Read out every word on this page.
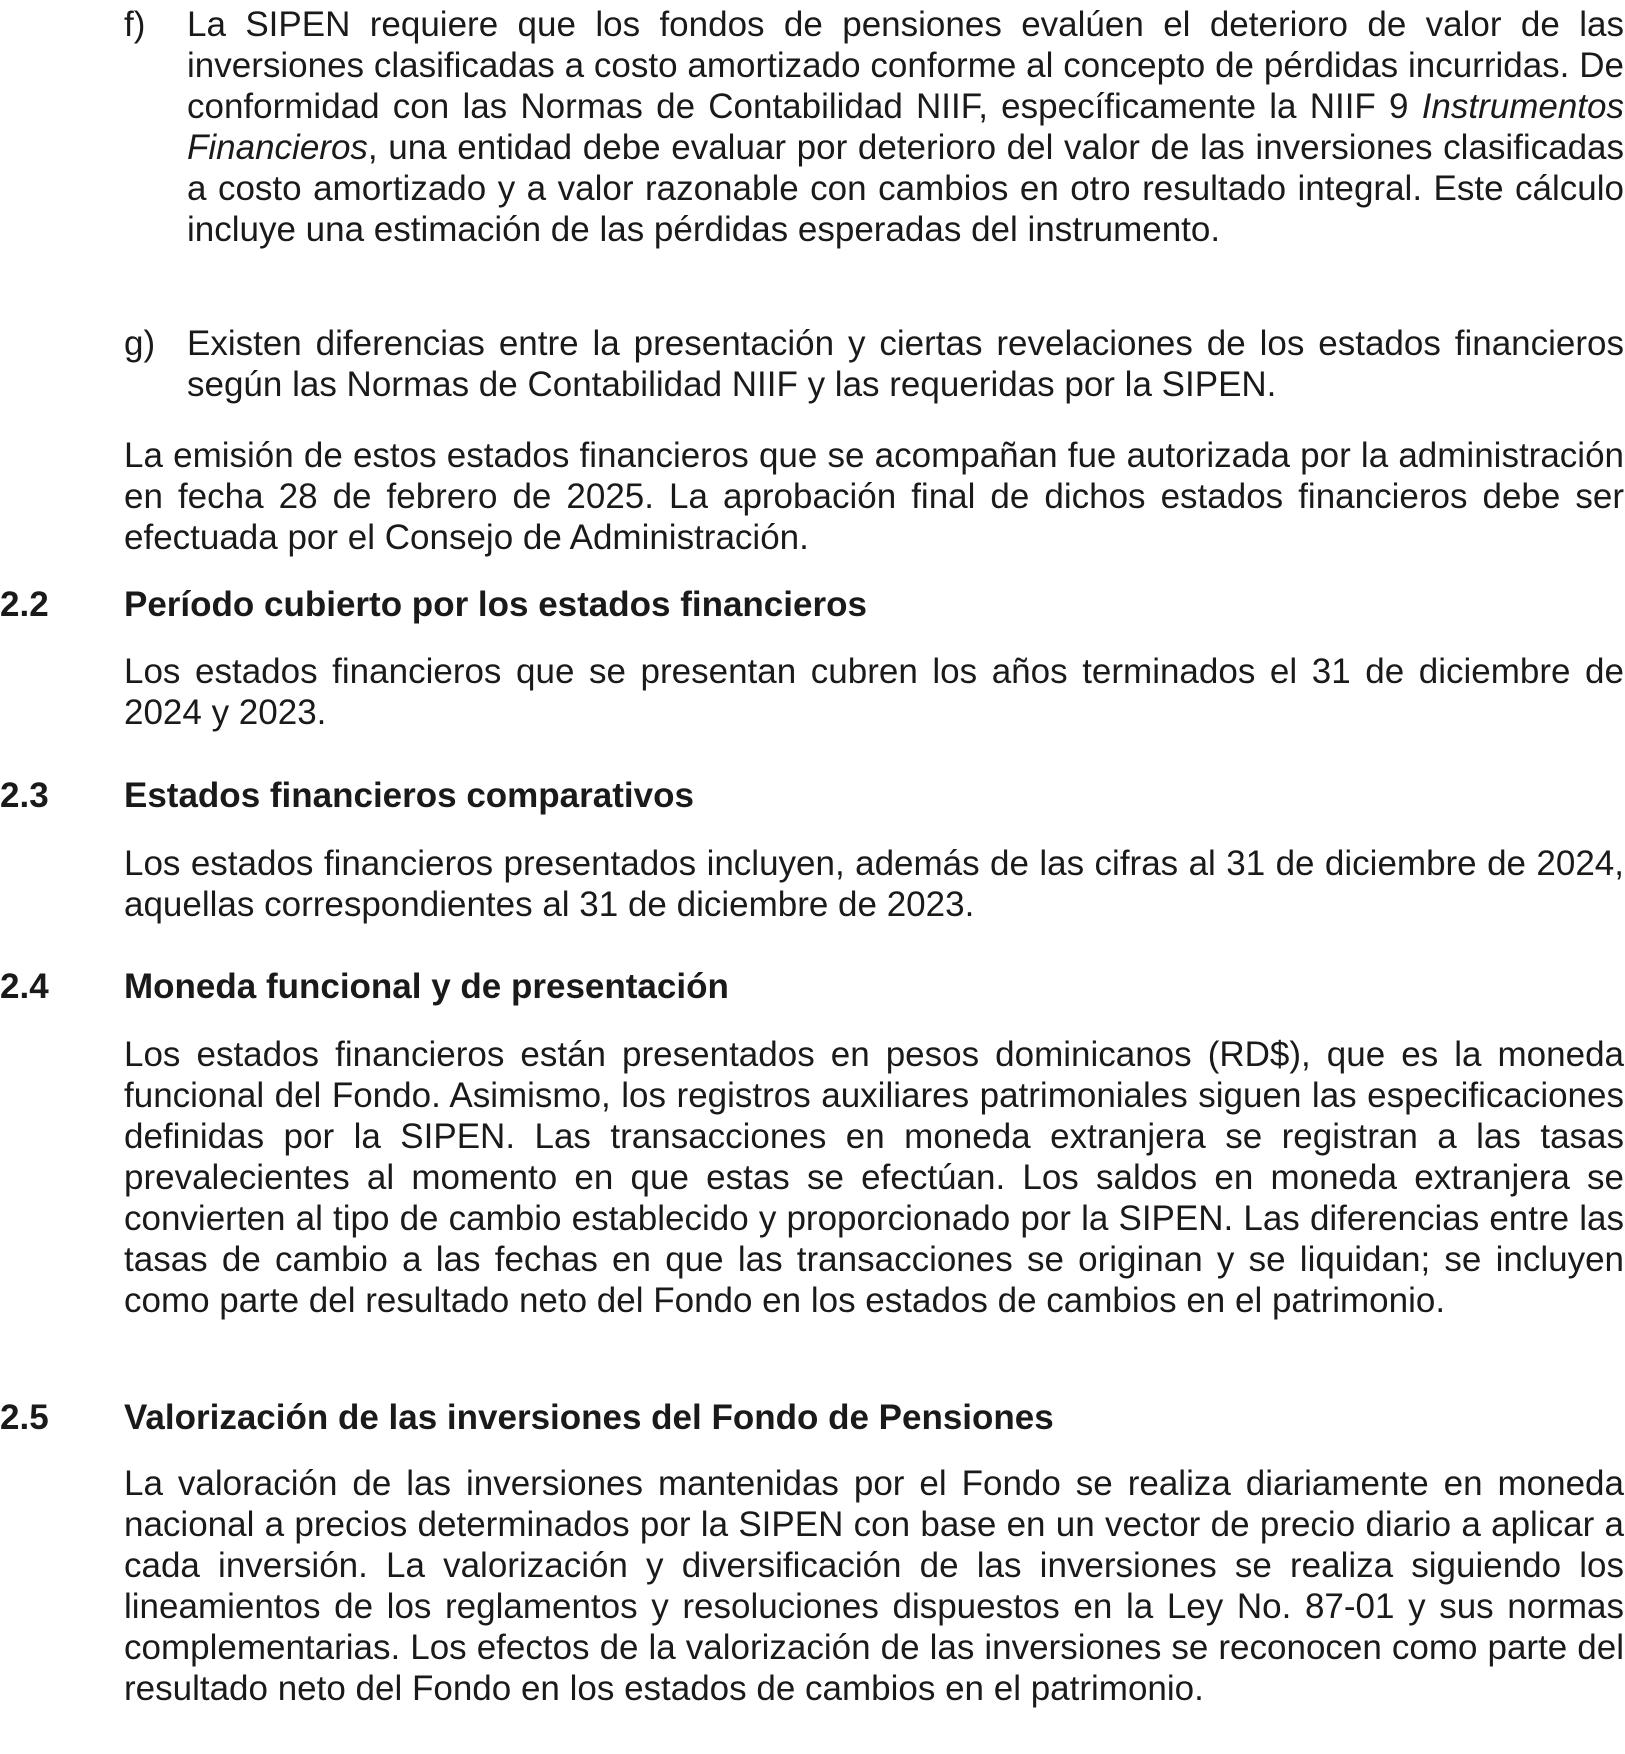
f) La SIPEN requiere que los fondos de pensiones evalúen el deterioro de valor de las inversiones clasificadas a costo amortizado conforme al concepto de pérdidas incurridas. De conformidad con las Normas de Contabilidad NIIF, específicamente la NIIF 9 Instrumentos Financieros, una entidad debe evaluar por deterioro del valor de las inversiones clasificadas a costo amortizado y a valor razonable con cambios en otro resultado integral. Este cálculo incluye una estimación de las pérdidas esperadas del instrumento.
g) Existen diferencias entre la presentación y ciertas revelaciones de los estados financieros según las Normas de Contabilidad NIIF y las requeridas por la SIPEN.
La emisión de estos estados financieros que se acompañan fue autorizada por la administración en fecha 28 de febrero de 2025. La aprobación final de dichos estados financieros debe ser efectuada por el Consejo de Administración.
2.2 Período cubierto por los estados financieros
Los estados financieros que se presentan cubren los años terminados el 31 de diciembre de 2024 y 2023.
2.3 Estados financieros comparativos
Los estados financieros presentados incluyen, además de las cifras al 31 de diciembre de 2024, aquellas correspondientes al 31 de diciembre de 2023.
2.4 Moneda funcional y de presentación
Los estados financieros están presentados en pesos dominicanos (RD$), que es la moneda funcional del Fondo. Asimismo, los registros auxiliares patrimoniales siguen las especificaciones definidas por la SIPEN. Las transacciones en moneda extranjera se registran a las tasas prevalecientes al momento en que estas se efectúan. Los saldos en moneda extranjera se convierten al tipo de cambio establecido y proporcionado por la SIPEN. Las diferencias entre las tasas de cambio a las fechas en que las transacciones se originan y se liquidan; se incluyen como parte del resultado neto del Fondo en los estados de cambios en el patrimonio.
2.5 Valorización de las inversiones del Fondo de Pensiones
La valoración de las inversiones mantenidas por el Fondo se realiza diariamente en moneda nacional a precios determinados por la SIPEN con base en un vector de precio diario a aplicar a cada inversión. La valorización y diversificación de las inversiones se realiza siguiendo los lineamientos de los reglamentos y resoluciones dispuestos en la Ley No. 87-01 y sus normas complementarias. Los efectos de la valorización de las inversiones se reconocen como parte del resultado neto del Fondo en los estados de cambios en el patrimonio.
